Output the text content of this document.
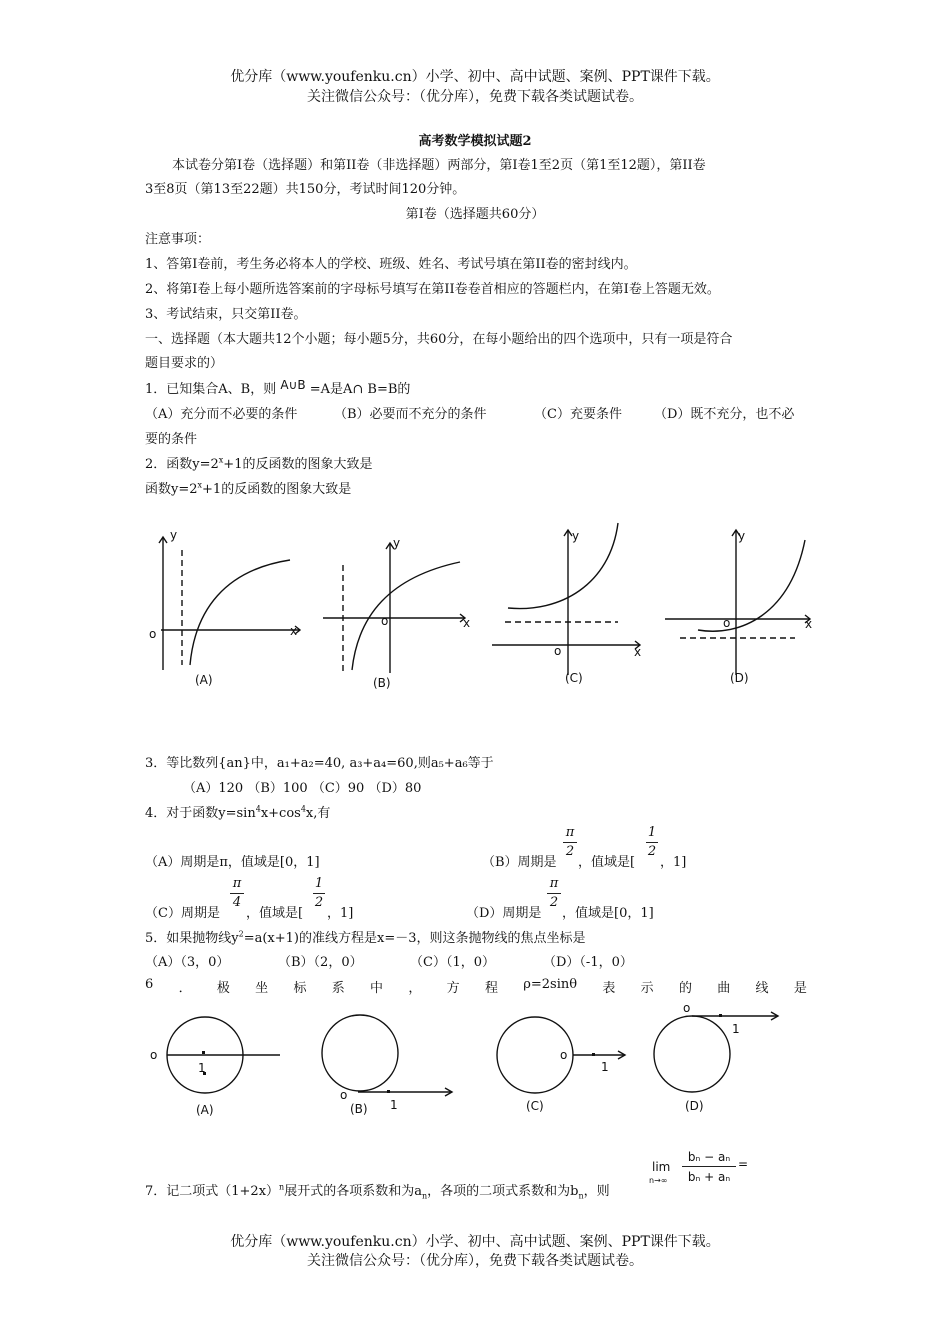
优分库（www.youfenku.cn）小学、初中、高中试题、案例、PPT课件下载。
关注微信公众号：（优分库），免费下载各类试题试卷。
高考数学模拟试题2
本试卷分第I卷（选择题）和第II卷（非选择题）两部分，第I卷1至2页（第1至12题），第II卷
3至8页（第13至22题）共150分，考试时间120分钟。
第I卷（选择题共60分）
注意事项：
1、答第I卷前，考生务必将本人的学校、班级、姓名、考试号填在第II卷的密封线内。
2、将第I卷上每小题所选答案前的字母标号填写在第II卷卷首相应的答题栏内，在第I卷上答题无效。
3、考试结束，只交第II卷。
一、选择题（本大题共12个小题；每小题5分，共60分，在每小题给出的四个选项中，只有一项是符合
题目要求的）
1．已知集合A、B，则 A∪B =A是A∩ B=B的
（A）充分而不必要的条件	（B）必要而不充分的条件	（C）充要条件 （D）既不充分，也不必
要的条件
2．函数$y=2^x+1$的反函数的图象大致是
函数$y=2^x+1$的反函数的图象大致是
y
x
o
(A)
y
x
o
(B)
y
x
o
(C)
y
x
o
(D)
3．等比数列{an}中，a₁+a₂=40, a₃+a₄=60,则a₅+a₆等于
（A）120 （B）100 （C）90 （D）80
4．对于函数$y=\sin^4x+\cos^4x$,有
（A）周期是π，值域是[0，1]	（B）周期是
π
2
，值域是[
1
2
，1]
（C）周期是
π
4
，值域是[
1
2
，1]	（D）周期是
π
2
，值域是[0，1]
5．如果抛物线$y^2=a(x+1)$的准线方程是x=－3，则这条抛物线的焦点坐标是
（A）（3，0）	（B）（2，0）	（C）（1，0）	（D）（-1，0）
6 ． 极 坐 标 系 中 ， 方 程 ρ=2sinθ 表 示 的 曲 线 是
o
1
(A)
o
1
(B)
o
1
(C)
o
1
(D)
7．记二项式$(1+2x)^n$展开式的各项系数和为$a_n$，各项的二项式系数和为$b_n$，则
lim
n→∞
bₙ − aₙ
bₙ + aₙ
=
优分库（www.youfenku.cn）小学、初中、高中试题、案例、PPT课件下载。
关注微信公众号：（优分库），免费下载各类试题试卷。
